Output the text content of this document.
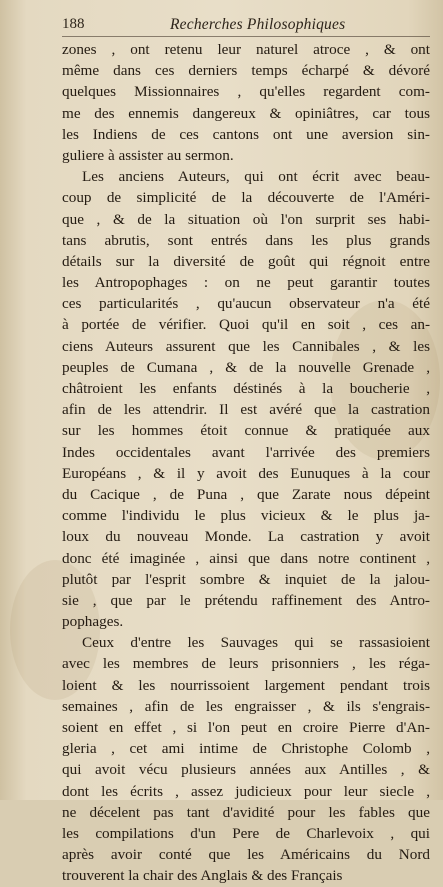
188	Recherches Philosophiques
zones , ont retenu leur naturel atroce , & ont
même dans ces derniers temps écharpé & dévoré
quelques Missionnaires , qu'elles regardent com-
me des ennemis dangereux & opiniâtres, car tous
les Indiens de ces cantons ont une aversion sin-
guliere à assister au sermon.
Les anciens Auteurs, qui ont écrit avec beau-
coup de simplicité de la découverte de l'Améri-
que , & de la situation où l'on surprit ses habi-
tans abrutis, sont entrés dans les plus grands
détails sur la diversité de goût qui régnoit entre
les Antropophages : on ne peut garantir toutes
ces particularités , qu'aucun observateur n'a été
à portée de vérifier. Quoi qu'il en soit , ces an-
ciens Auteurs assurent que les Cannibales , & les
peuples de Cumana , & de la nouvelle Grenade ,
châtroient les enfants déstinés à la boucherie ,
afin de les attendrir. Il est avéré que la castration
sur les hommes étoit connue & pratiquée aux
Indes occidentales avant l'arrivée des premiers
Européans , & il y avoit des Eunuques à la cour
du Cacique , de Puna , que Zarate nous dépeint
comme l'individu le plus vicieux & le plus ja-
loux du nouveau Monde. La castration y avoit
donc été imaginée , ainsi que dans notre continent ,
plutôt par l'esprit sombre & inquiet de la jalou-
sie , que par le prétendu raffinement des Antro-
pophages.
Ceux d'entre les Sauvages qui se rassasioient
avec les membres de leurs prisonniers , les réga-
loient & les nourrissoient largement pendant trois
semaines , afin de les engraisser , & ils s'engrais-
soient en effet , si l'on peut en croire Pierre d'An-
gleria , cet ami intime de Christophe Colomb ,
qui avoit vécu plusieurs années aux Antilles , &
dont les écrits , assez judicieux pour leur siecle ,
ne décelent pas tant d'avidité pour les fables que
les compilations d'un Pere de Charlevoix , qui
après avoir conté que les Américains du Nord
trouverent la chair des Anglais & des Français
